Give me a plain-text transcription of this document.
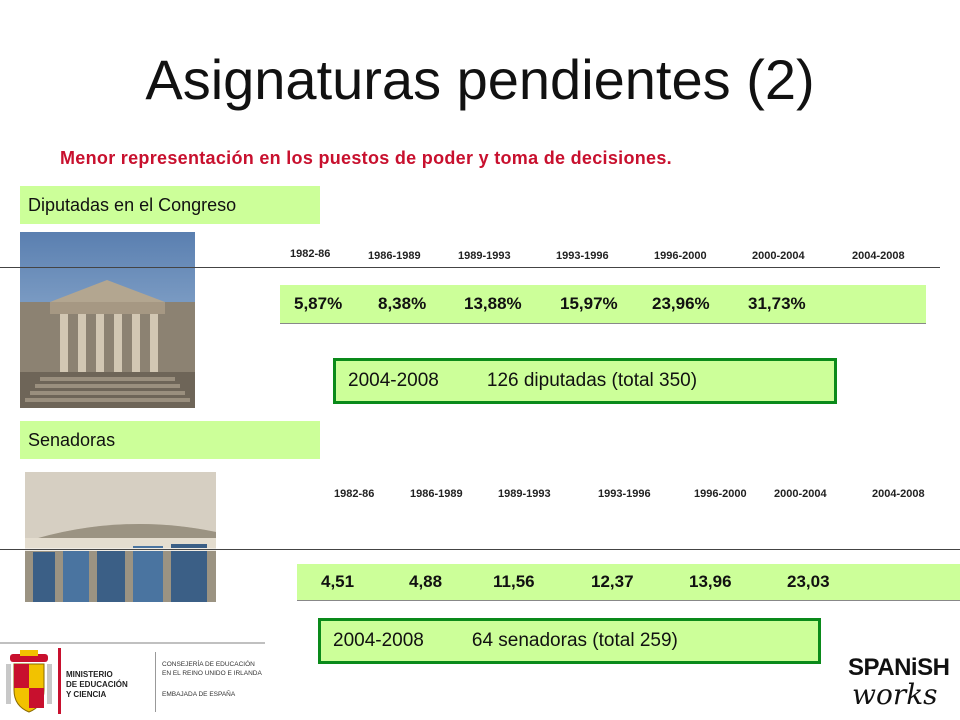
Asignaturas pendientes (2)
Menor representación en los puestos de poder y toma de decisiones.
Diputadas en el Congreso
1982-86	1986-1989	1989-1993	1993-1996	1996-2000	2000-2004	2004-2008
5,87% 8,38% 13,88% 15,97% 23,96% 31,73%
2004-2008	126 diputadas (total 350)
Senadoras
1982-86	1986-1989	1989-1993	1993-1996	1996-2000 2000-2004	2004-2008
4,51	4,88	11,56	12,37	13,96	23,03
2004-2008	64 senadoras (total 259)
MINISTERIO
DE EDUCACIÓN
Y CIENCIA
CONSEJERÍA DE EDUCACIÓN
EN EL REINO UNIDO E IRLANDA
EMBAJADA DE ESPAÑA
SPANiSH
works
